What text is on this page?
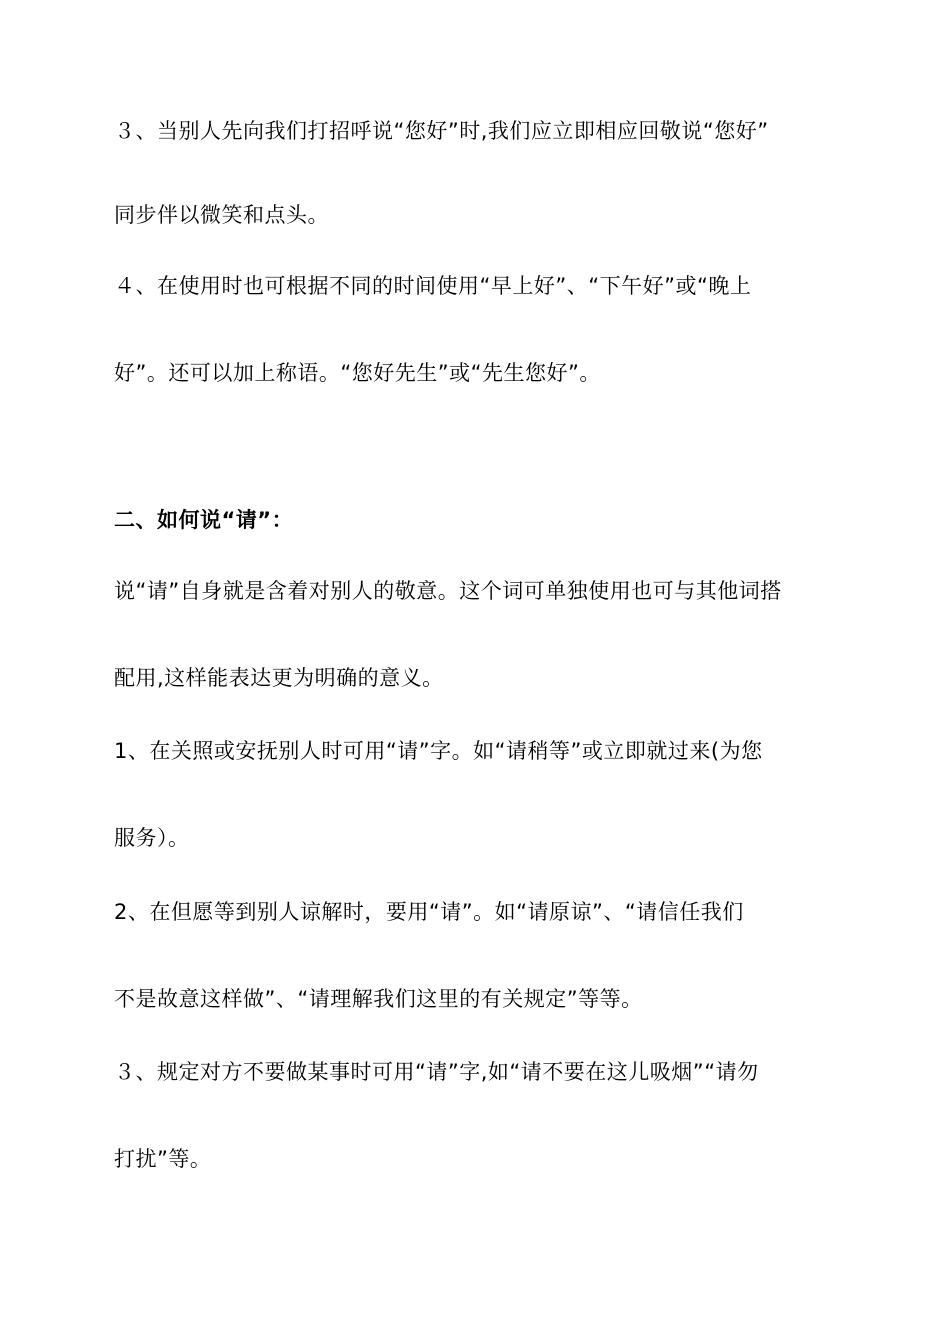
３、当别人先向我们打招呼说“您好”时,我们应立即相应回敬说“您好”
同步伴以微笑和点头。
４、在使用时也可根据不同的时间使用“早上好”、“下午好”或“晚上
好”。还可以加上称语。“您好先生”或“先生您好”。
二、如何说“请”：
说“请”自身就是含着对别人的敬意。这个词可单独使用也可与其他词搭
配用,这样能表达更为明确的意义。
1、在关照或安抚别人时可用“请”字。如“请稍等”或立即就过来(为您
服务）。
2、在但愿等到别人谅解时，要用“请”。如“请原谅”、“请信任我们
不是故意这样做”、“请理解我们这里的有关规定”等等。
３、规定对方不要做某事时可用“请”字,如“请不要在这儿吸烟”“请勿
打扰”等。
